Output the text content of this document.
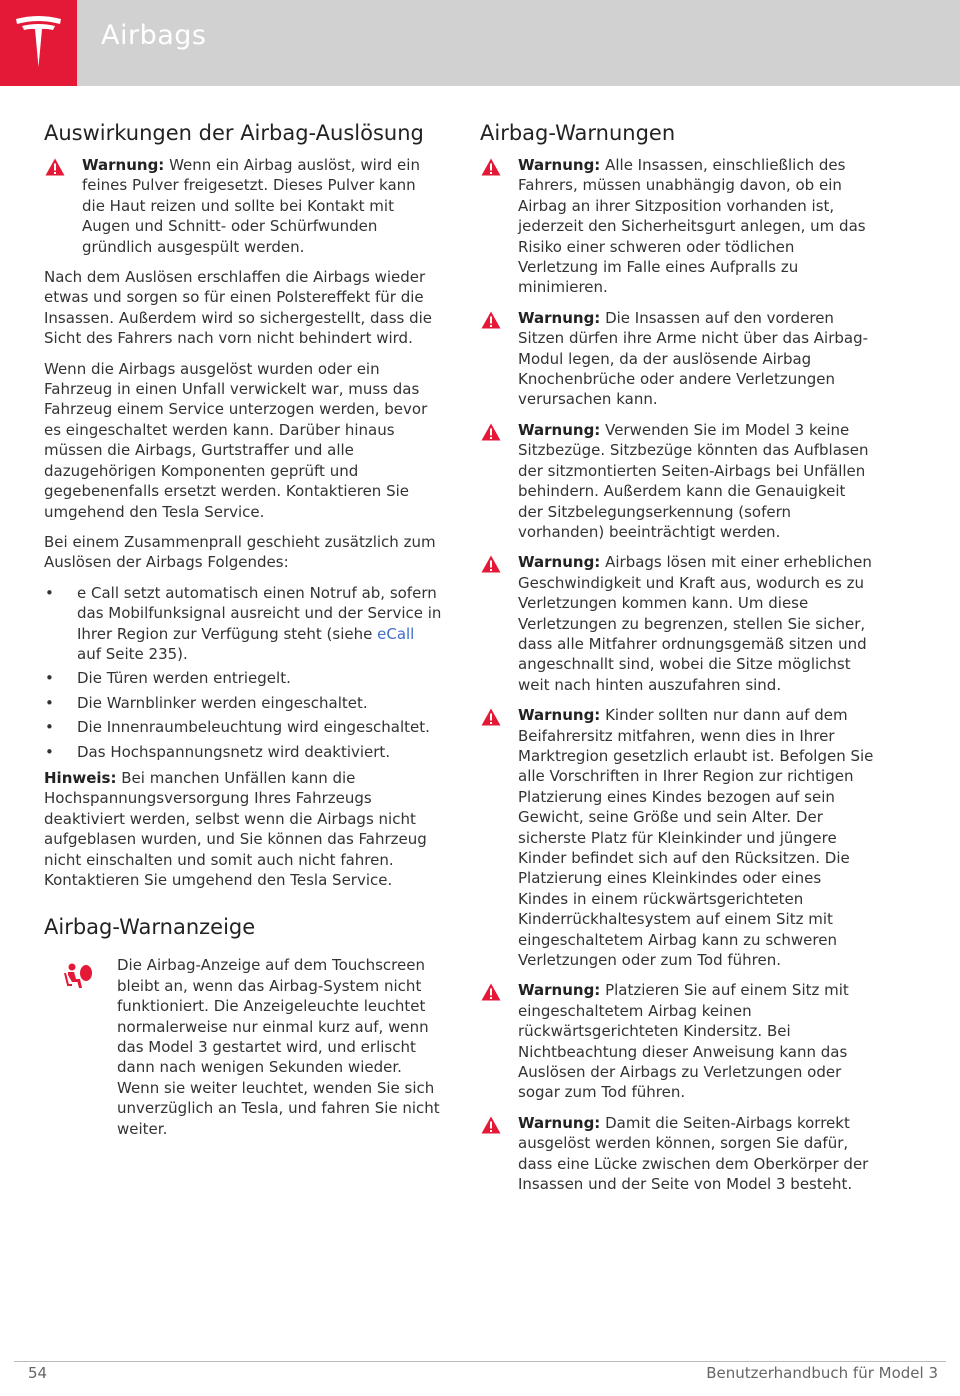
Airbags
Auswirkungen der Airbag-Auslösung

Warnung: Wenn ein Airbag auslöst, wird ein feines Pulver freigesetzt. Dieses Pulver kann die Haut reizen und sollte bei Kontakt mit Augen und Schnitt- oder Schürfwunden gründlich ausgespült werden.

Nach dem Auslösen erschlaffen die Airbags wieder etwas und sorgen so für einen Polstereffekt für die Insassen. Außerdem wird so sichergestellt, dass die Sicht des Fahrers nach vorn nicht behindert wird.

Wenn die Airbags ausgelöst wurden oder ein Fahrzeug in einen Unfall verwickelt war, muss das Fahrzeug einem Service unterzogen werden, bevor es eingeschaltet werden kann. Darüber hinaus müssen die Airbags, Gurtstraffer und alle dazugehörigen Komponenten geprüft und gegebenenfalls ersetzt werden. Kontaktieren Sie umgehend den Tesla Service.

Bei einem Zusammenprall geschieht zusätzlich zum Auslösen der Airbags Folgendes:

• e Call setzt automatisch einen Notruf ab, sofern das Mobilfunksignal ausreicht und der Service in Ihrer Region zur Verfügung steht (siehe eCall auf Seite 235).
• Die Türen werden entriegelt.
• Die Warnblinker werden eingeschaltet.
• Die Innenraumbeleuchtung wird eingeschaltet.
• Das Hochspannungsnetz wird deaktiviert.

Hinweis: Bei manchen Unfällen kann die Hochspannungsversorgung Ihres Fahrzeugs deaktiviert werden, selbst wenn die Airbags nicht aufgeblasen wurden, und Sie können das Fahrzeug nicht einschalten und somit auch nicht fahren. Kontaktieren Sie umgehend den Tesla Service.

Airbag-Warnanzeige

Die Airbag-Anzeige auf dem Touchscreen bleibt an, wenn das Airbag-System nicht funktioniert. Die Anzeigeleuchte leuchtet normalerweise nur einmal kurz auf, wenn das Model 3 gestartet wird, und erlischt dann nach wenigen Sekunden wieder. Wenn sie weiter leuchtet, wenden Sie sich unverzüglich an Tesla, und fahren Sie nicht weiter.

Airbag-Warnungen

Warnung: Alle Insassen, einschließlich des Fahrers, müssen unabhängig davon, ob ein Airbag an ihrer Sitzposition vorhanden ist, jederzeit den Sicherheitsgurt anlegen, um das Risiko einer schweren oder tödlichen Verletzung im Falle eines Aufpralls zu minimieren.

Warnung: Die Insassen auf den vorderen Sitzen dürfen ihre Arme nicht über das Airbag-Modul legen, da der auslösende Airbag Knochenbrüche oder andere Verletzungen verursachen kann.

Warnung: Verwenden Sie im Model 3 keine Sitzbezüge. Sitzbezüge könnten das Aufblasen der sitzmontierten Seiten-Airbags bei Unfällen behindern. Außerdem kann die Genauigkeit der Sitzbelegungserkennung (sofern vorhanden) beeinträchtigt werden.

Warnung: Airbags lösen mit einer erheblichen Geschwindigkeit und Kraft aus, wodurch es zu Verletzungen kommen kann. Um diese Verletzungen zu begrenzen, stellen Sie sicher, dass alle Mitfahrer ordnungsgemäß sitzen und angeschnallt sind, wobei die Sitze möglichst weit nach hinten auszufahren sind.

Warnung: Kinder sollten nur dann auf dem Beifahrersitz mitfahren, wenn dies in Ihrer Marktregion gesetzlich erlaubt ist. Befolgen Sie alle Vorschriften in Ihrer Region zur richtigen Platzierung eines Kindes bezogen auf sein Gewicht, seine Größe und sein Alter. Der sicherste Platz für Kleinkinder und jüngere Kinder befindet sich auf den Rücksitzen. Die Platzierung eines Kleinkindes oder eines Kindes in einem rückwärtsgerichteten Kinderrückhaltesystem auf einem Sitz mit eingeschaltetem Airbag kann zu schweren Verletzungen oder zum Tod führen.

Warnung: Platzieren Sie auf einem Sitz mit eingeschaltetem Airbag keinen rückwärtsgerichteten Kindersitz. Bei Nichtbeachtung dieser Anweisung kann das Auslösen der Airbags zu Verletzungen oder sogar zum Tod führen.

Warnung: Damit die Seiten-Airbags korrekt ausgelöst werden können, sorgen Sie dafür, dass eine Lücke zwischen dem Oberkörper der Insassen und der Seite von Model 3 besteht.

54	Benutzerhandbuch für Model 3
